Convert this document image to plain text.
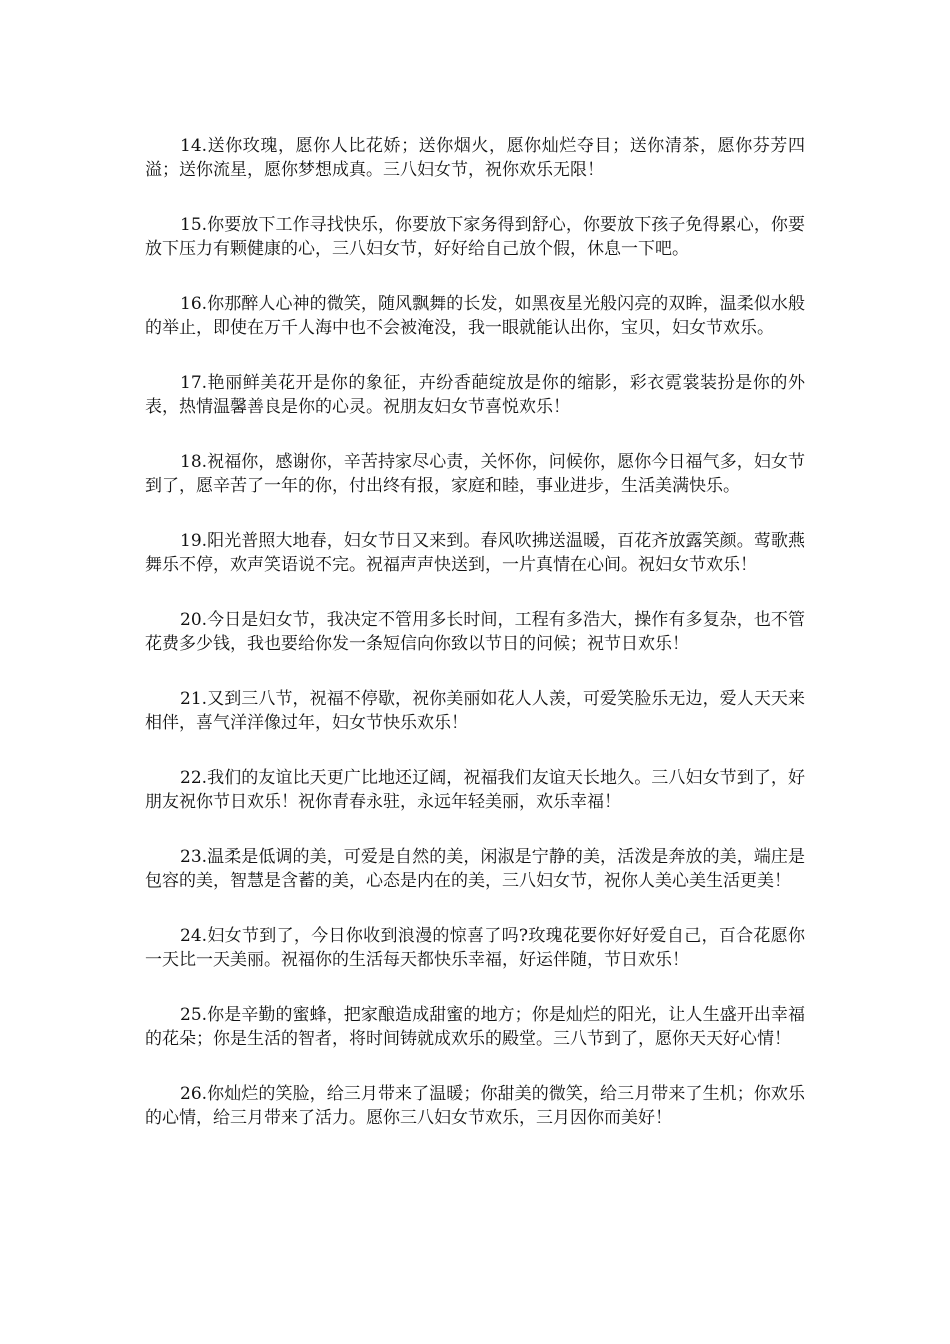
14.送你玫瑰，愿你人比花娇；送你烟火，愿你灿烂夺目；送你清茶，愿你芬芳四溢；送你流星，愿你梦想成真。三八妇女节，祝你欢乐无限！

15.你要放下工作寻找快乐，你要放下家务得到舒心，你要放下孩子免得累心，你要放下压力有颗健康的心，三八妇女节，好好给自己放个假，休息一下吧。

16.你那醉人心神的微笑，随风飘舞的长发，如黑夜星光般闪亮的双眸，温柔似水般的举止，即使在万千人海中也不会被淹没，我一眼就能认出你，宝贝，妇女节欢乐。

17.艳丽鲜美花开是你的象征，卉纷香葩绽放是你的缩影，彩衣霓裳装扮是你的外表，热情温馨善良是你的心灵。祝朋友妇女节喜悦欢乐！

18.祝福你，感谢你，辛苦持家尽心责，关怀你，问候你，愿你今日福气多，妇女节到了，愿辛苦了一年的你，付出终有报，家庭和睦，事业进步，生活美满快乐。

19.阳光普照大地春，妇女节日又来到。春风吹拂送温暖，百花齐放露笑颜。莺歌燕舞乐不停，欢声笑语说不完。祝福声声快送到，一片真情在心间。祝妇女节欢乐！

20.今日是妇女节，我决定不管用多长时间，工程有多浩大，操作有多复杂，也不管花费多少钱，我也要给你发一条短信向你致以节日的问候；祝节日欢乐！

21.又到三八节，祝福不停歇，祝你美丽如花人人羡，可爱笑脸乐无边，爱人天天来相伴，喜气洋洋像过年，妇女节快乐欢乐！

22.我们的友谊比天更广比地还辽阔，祝福我们友谊天长地久。三八妇女节到了，好朋友祝你节日欢乐！祝你青春永驻，永远年轻美丽，欢乐幸福！

23.温柔是低调的美，可爱是自然的美，闲淑是宁静的美，活泼是奔放的美，端庄是包容的美，智慧是含蓄的美，心态是内在的美，三八妇女节，祝你人美心美生活更美！

24.妇女节到了，今日你收到浪漫的惊喜了吗?玫瑰花要你好好爱自己，百合花愿你一天比一天美丽。祝福你的生活每天都快乐幸福，好运伴随，节日欢乐！

25.你是辛勤的蜜蜂，把家酿造成甜蜜的地方；你是灿烂的阳光，让人生盛开出幸福的花朵；你是生活的智者，将时间铸就成欢乐的殿堂。三八节到了，愿你天天好心情！

26.你灿烂的笑脸，给三月带来了温暖；你甜美的微笑，给三月带来了生机；你欢乐的心情，给三月带来了活力。愿你三八妇女节欢乐，三月因你而美好！
